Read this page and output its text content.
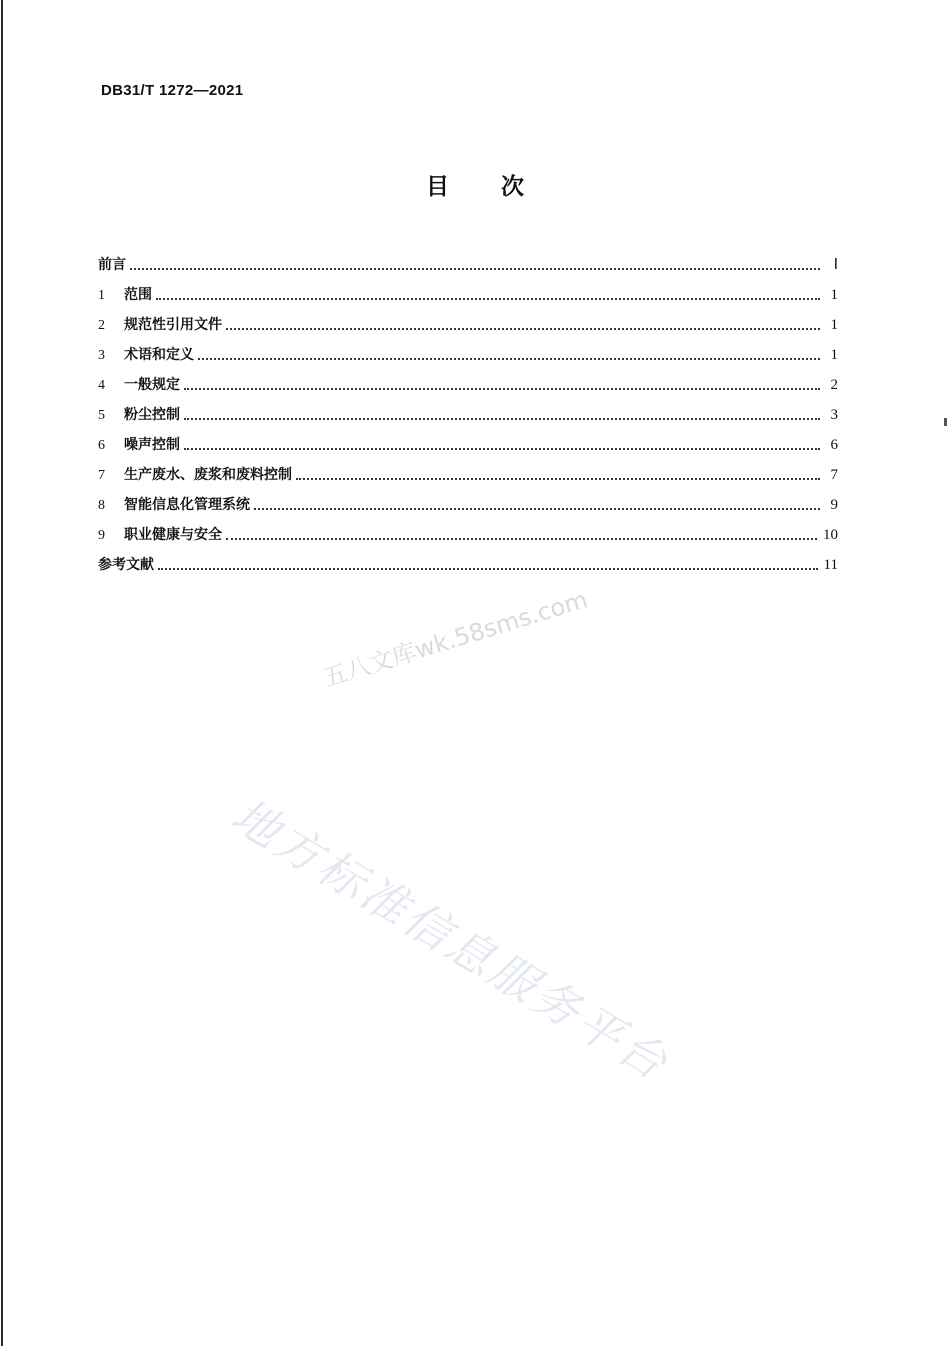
DB31/T 1272—2021
目 次
前言	Ⅰ
1	范围	1
2	规范性引用文件	1
3	术语和定义	1
4	一般规定	2
5	粉尘控制	3
6	噪声控制	6
7	生产废水、废浆和废料控制	7
8	智能信息化管理系统	9
9	职业健康与安全	10
参考文献	11
五八文库wk.58sms.com
地方标准信息服务平台
